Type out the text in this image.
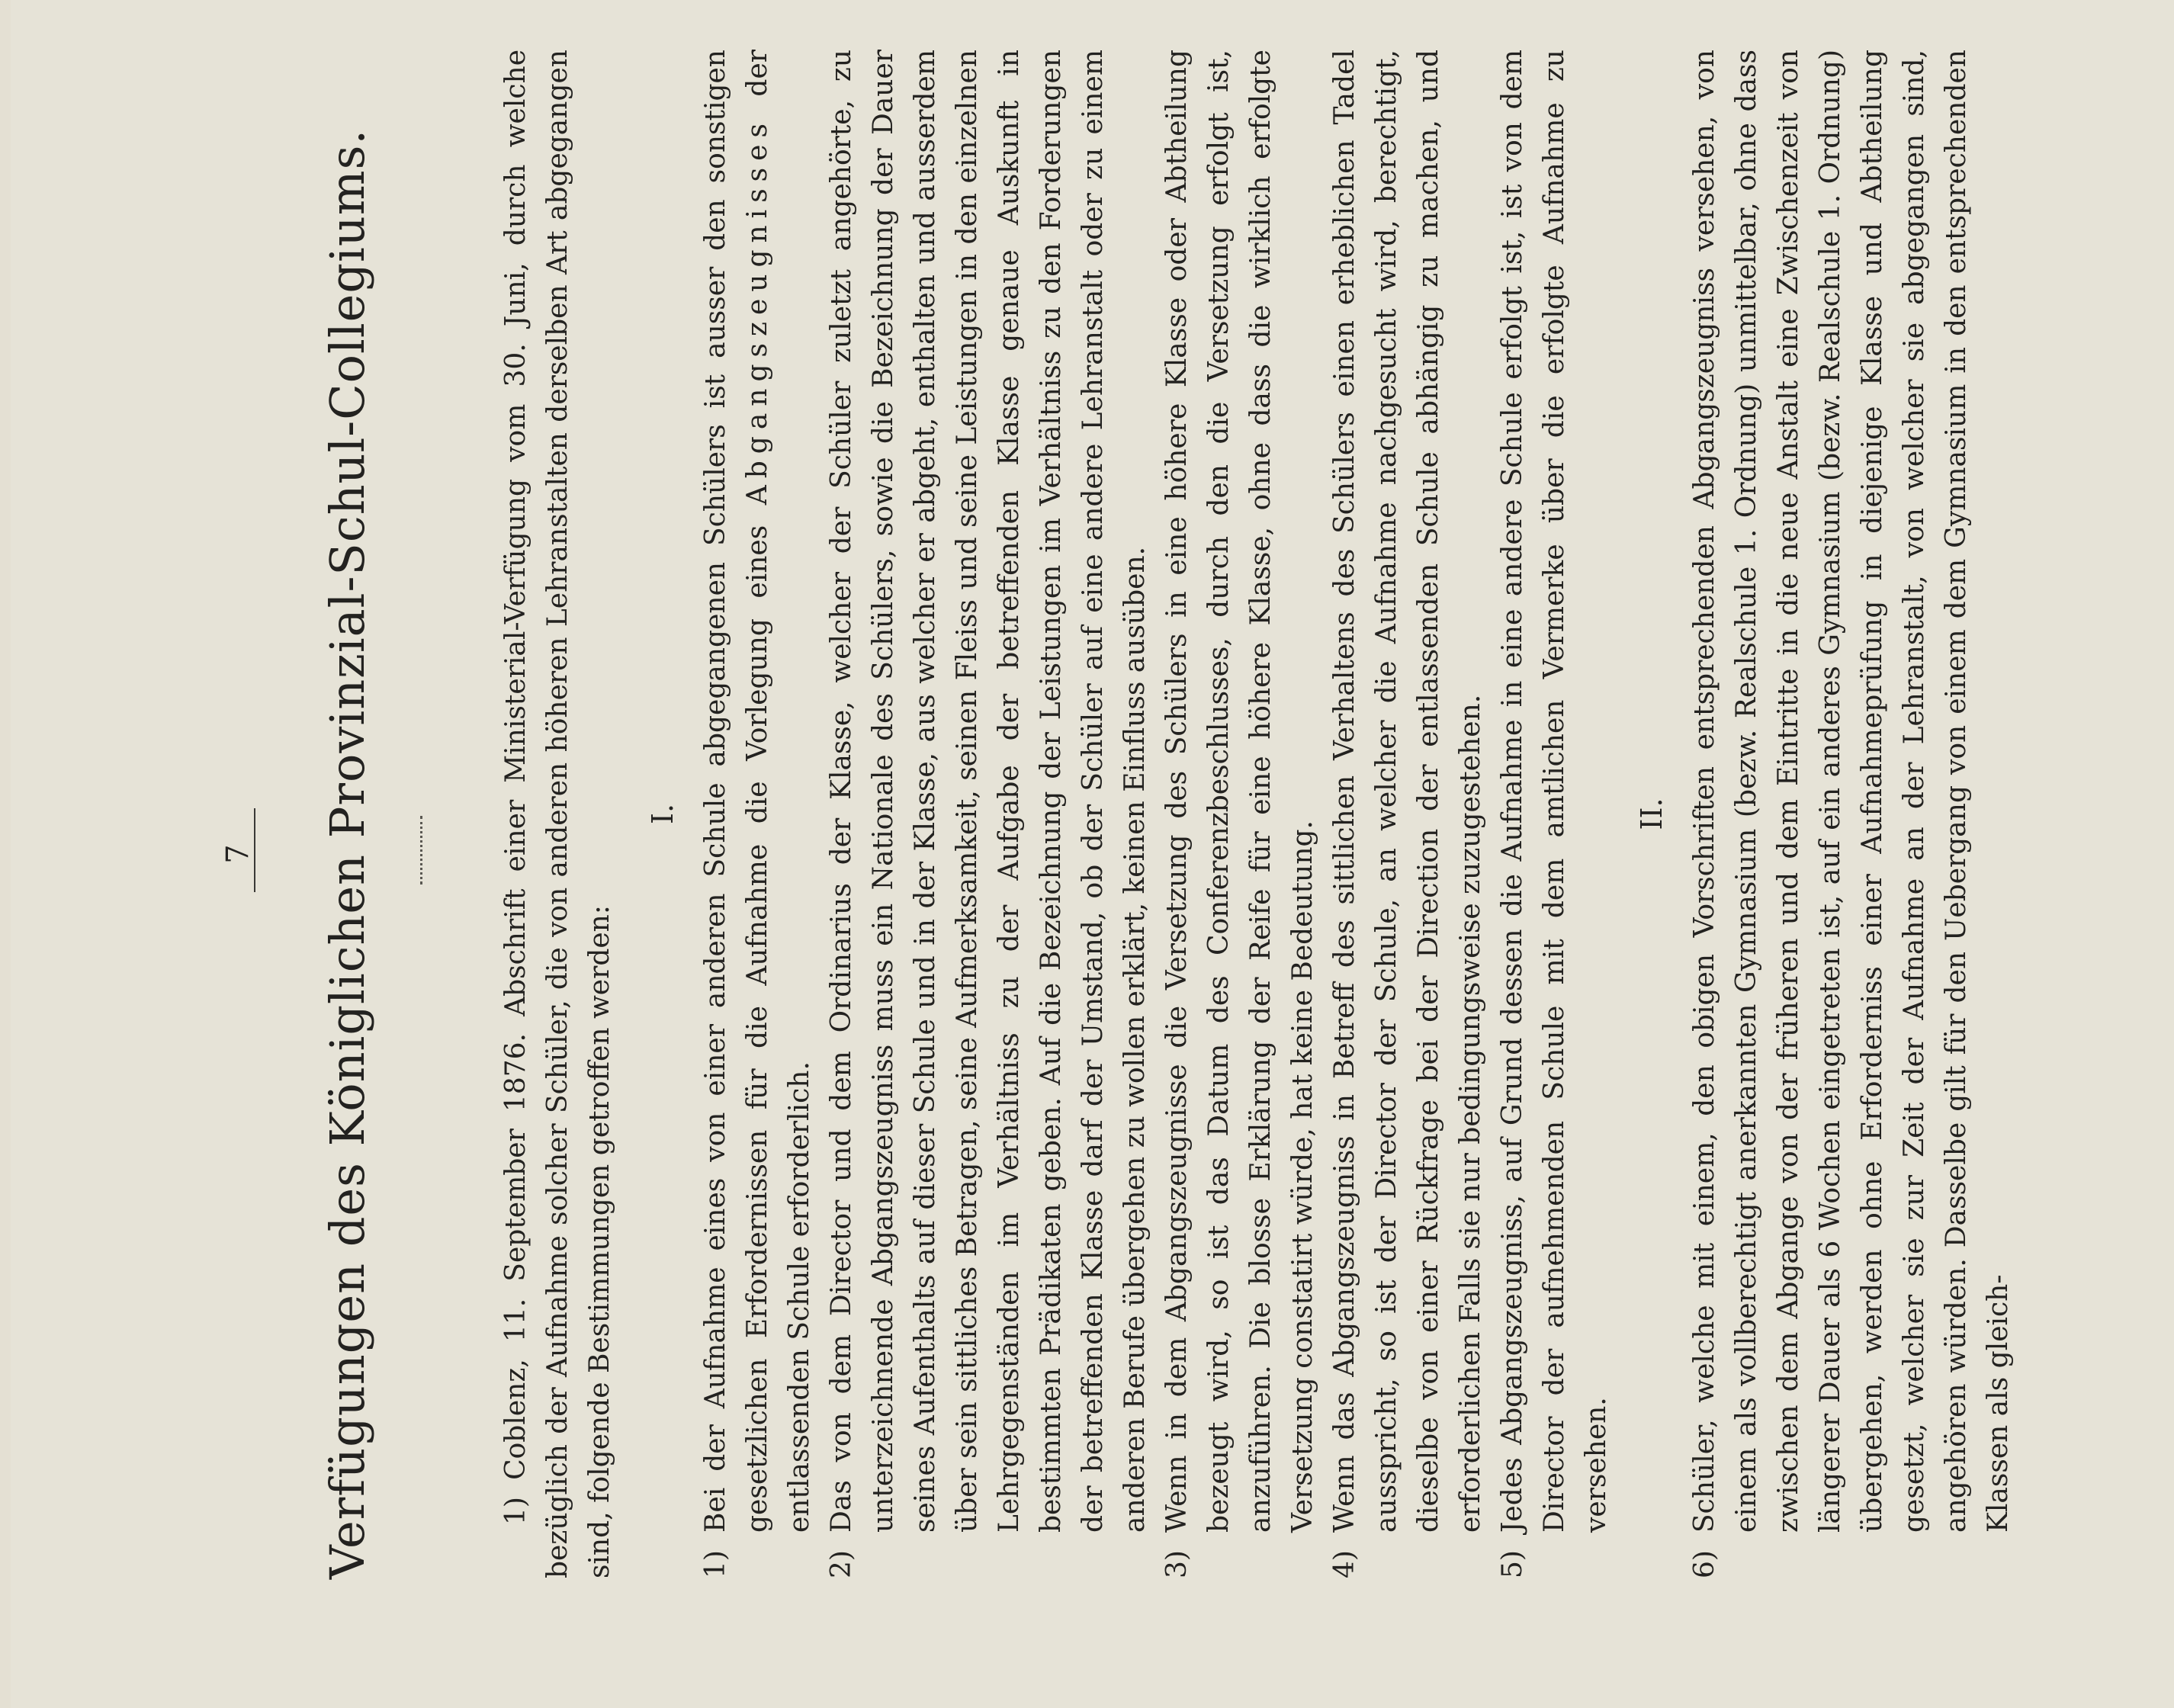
7 Verfügungen des Königlichen Provinzial-Schul-Collegiums.	1) Coblenz, 11. September 1876. Abschrift einer Ministerial-Verfügung vom 30. Juni, durch welche bezüglich der Aufnahme solcher Schüler, die von anderen höheren Lehranstalten derselben Art abgegangen sind, folgende Bestimmungen getroffen werden:

I.

1)
Bei der Aufnahme eines von einer anderen Schule abgegangenen Schülers ist ausser den sonstigen gesetzlichen Erfordernissen für die Aufnahme die Vorlegung eines Abgangszeugnisses der entlassenden Schule erforderlich.

2)
Das von dem Director und dem Ordinarius der Klasse, welcher der Schüler zuletzt angehörte, zu unterzeichnende Abgangszeugniss muss ein Nationale des Schülers, sowie die Bezeichnung der Dauer seines Aufenthalts auf dieser Schule und in der Klasse, aus welcher er abgeht, enthalten und ausserdem über sein sittliches Betragen, seine Aufmerksamkeit, seinen Fleiss und seine Leistungen in den einzelnen Lehrgegenständen im Verhältniss zu der Aufgabe der betreffenden Klasse genaue Auskunft in bestimmten Prädikaten geben. Auf die Bezeichnung der Leistungen im Verhältniss zu den Forderungen der betreffenden Klasse darf der Umstand, ob der Schüler auf eine andere Lehranstalt oder zu einem anderen Berufe übergehen zu wollen erklärt, keinen Einfluss ausüben.

3)
Wenn in dem Abgangszeugnisse die Versetzung des Schülers in eine höhere Klasse oder Abtheilung bezeugt wird, so ist das Datum des Conferenzbeschlusses, durch den die Versetzung erfolgt ist, anzuführen. Die blosse Erklärung der Reife für eine höhere Klasse, ohne dass die wirklich erfolgte Versetzung constatirt würde, hat keine Bedeutung.

4)
Wenn das Abgangszeugniss in Betreff des sittlichen Verhaltens des Schülers einen erheblichen Tadel ausspricht, so ist der Director der Schule, an welcher die Aufnahme nachgesucht wird, berechtigt, dieselbe von einer Rückfrage bei der Direction der entlassenden Schule abhängig zu machen, und erforderlichen Falls sie nur bedingungsweise zuzugestehen.

5)
Jedes Abgangszeugniss, auf Grund dessen die Aufnahme in eine andere Schule erfolgt ist, ist von dem Director der aufnehmenden Schule mit dem amtlichen Vermerke über die erfolgte Aufnahme zu versehen.

II.

6)
Schüler, welche mit einem, den obigen Vorschriften entsprechenden Abgangszeugniss versehen, von einem als vollberechtigt anerkannten Gymnasium (bezw. Realschule 1. Ordnung) unmittelbar, ohne dass zwischen dem Abgange von der früheren und dem Eintritte in die neue Anstalt eine Zwischenzeit von längerer Dauer als 6 Wochen eingetreten ist, auf ein anderes Gymnasium (bezw. Realschule 1. Ordnung) übergehen, werden ohne Erforderniss einer Aufnahmeprüfung in diejenige Klasse und Abtheilung gesetzt, welcher sie zur Zeit der Aufnahme an der Lehranstalt, von welcher sie abgegangen sind, angehören würden. Dasselbe gilt für den Uebergang von einem dem Gymnasium in den entsprechenden Klassen als gleich-
